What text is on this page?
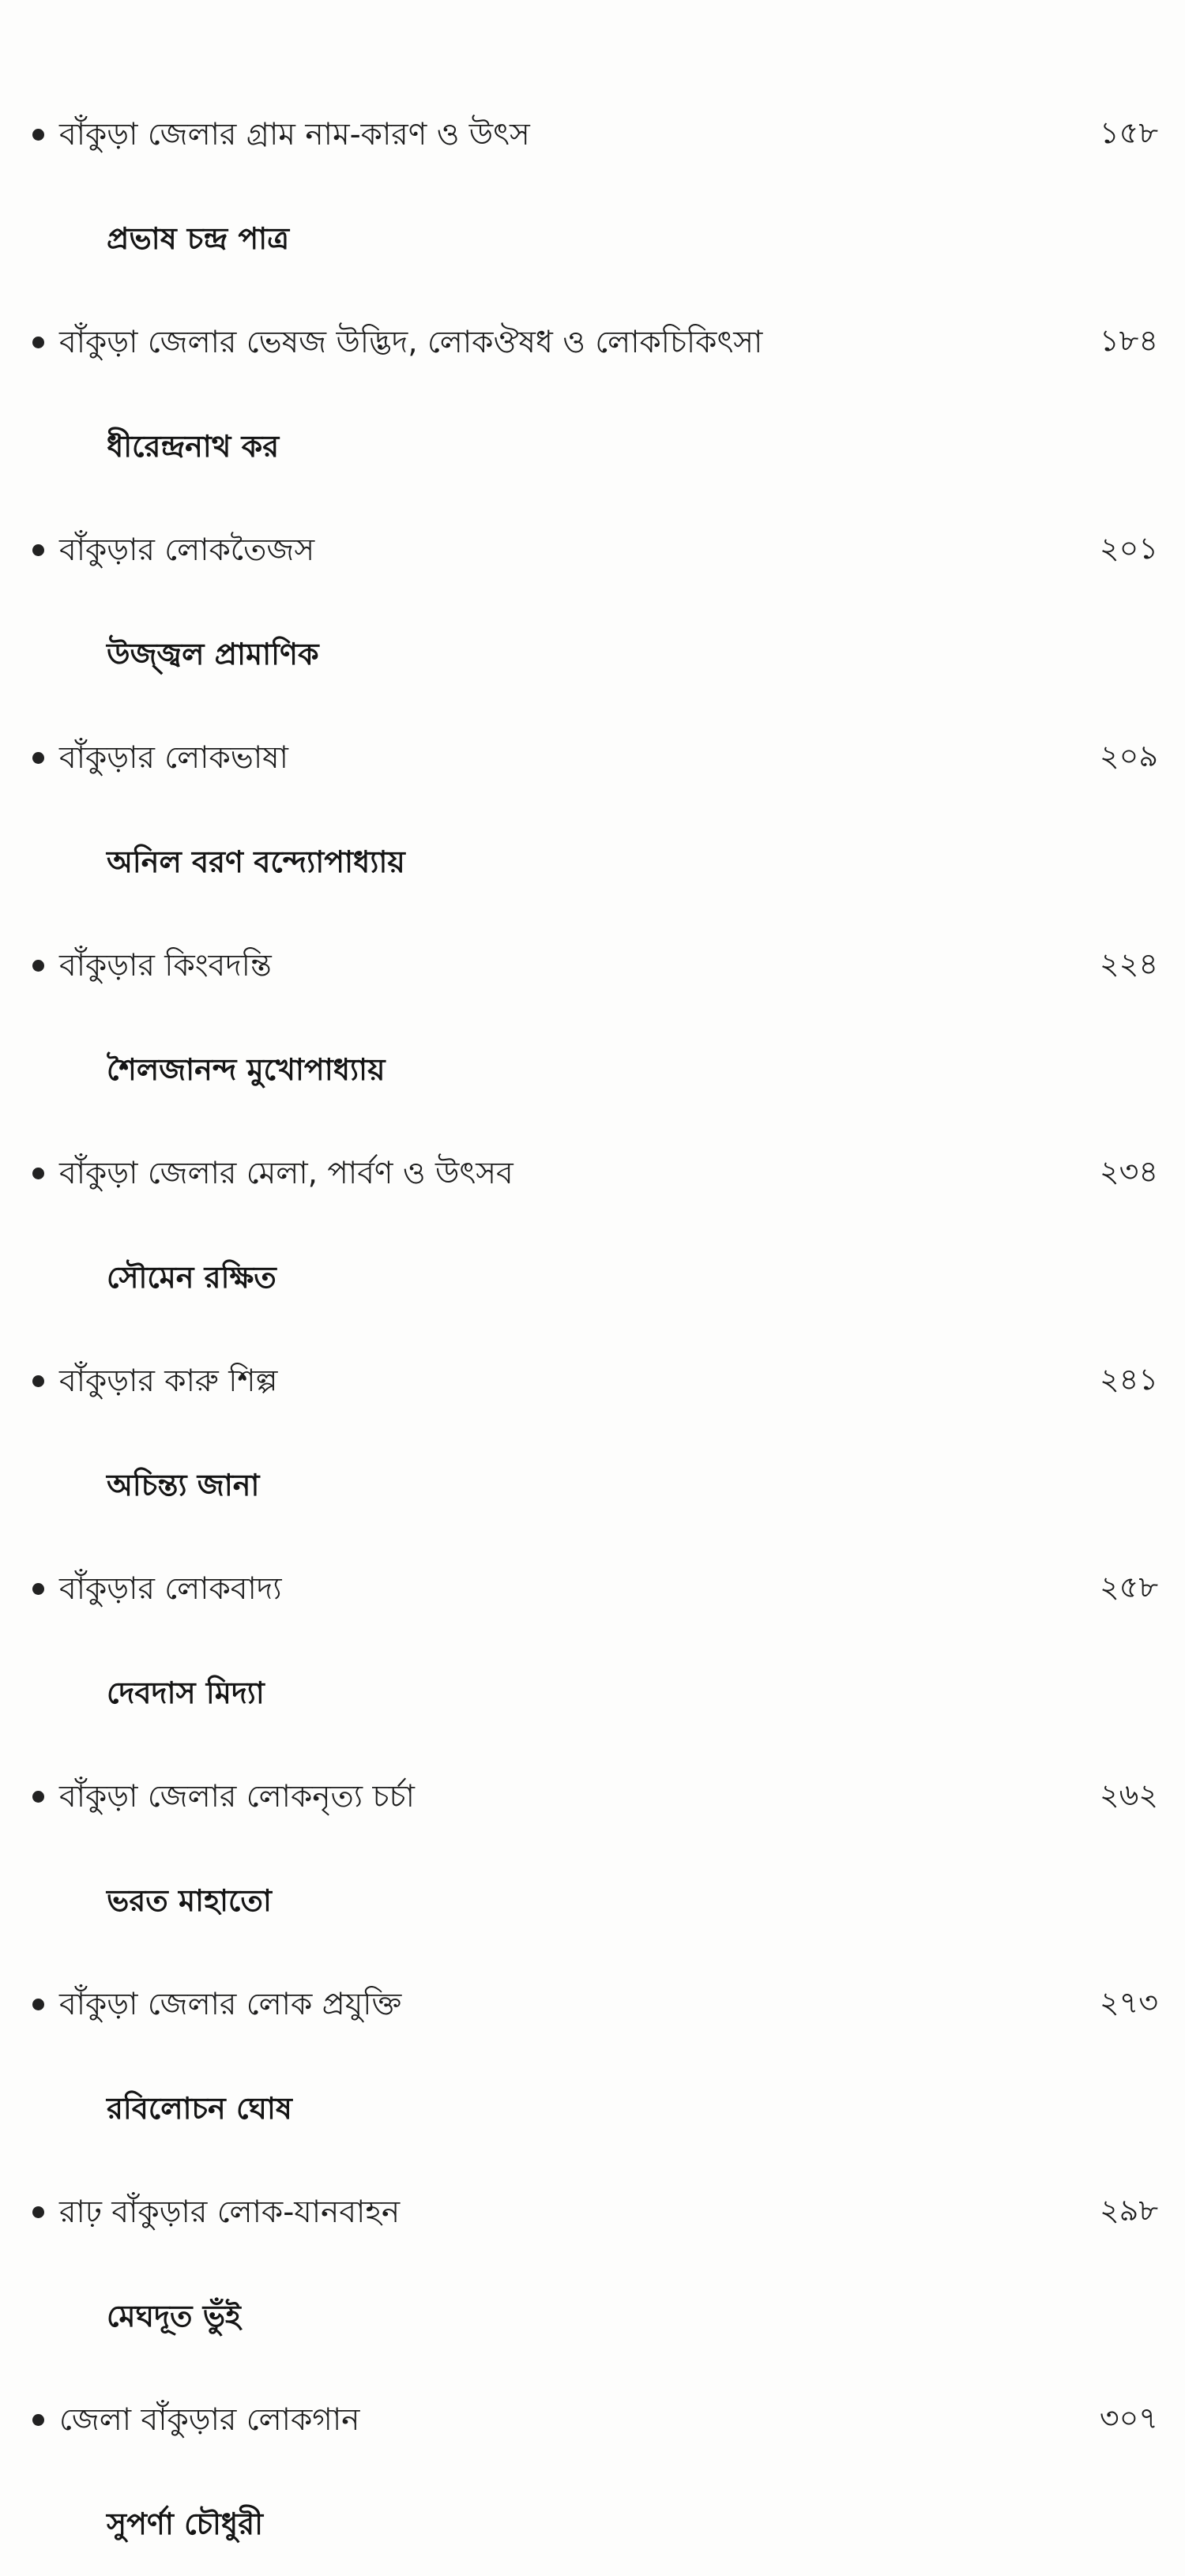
বাঁকুড়া জেলার গ্রাম নাম-কারণ ও উৎস	১৫৮
প্রভাষ চন্দ্র পাত্র
বাঁকুড়া জেলার ভেষজ উদ্ভিদ, লোকঔষধ ও লোকচিকিৎসা	১৮৪
ধীরেন্দ্রনাথ কর
বাঁকুড়ার লোকতৈজস	২০১
উজ্জ্বল প্রামাণিক
বাঁকুড়ার লোকভাষা	২০৯
অনিল বরণ বন্দ্যোপাধ্যায়
বাঁকুড়ার কিংবদন্তি	২২৪
শৈলজানন্দ মুখোপাধ্যায়
বাঁকুড়া জেলার মেলা, পার্বণ ও উৎসব	২৩৪
সৌমেন রক্ষিত
বাঁকুড়ার কারু শিল্প	২৪১
অচিন্ত্য জানা
বাঁকুড়ার লোকবাদ্য	২৫৮
দেবদাস মিদ্যা
বাঁকুড়া জেলার লোকনৃত্য চর্চা	২৬২
ভরত মাহাতো
বাঁকুড়া জেলার লোক প্রযুক্তি	২৭৩
রবিলোচন ঘোষ
রাঢ় বাঁকুড়ার লোক-যানবাহন	২৯৮
মেঘদূত ভুঁই
জেলা বাঁকুড়ার লোকগান	৩০৭
সুপর্ণা চৌধুরী
